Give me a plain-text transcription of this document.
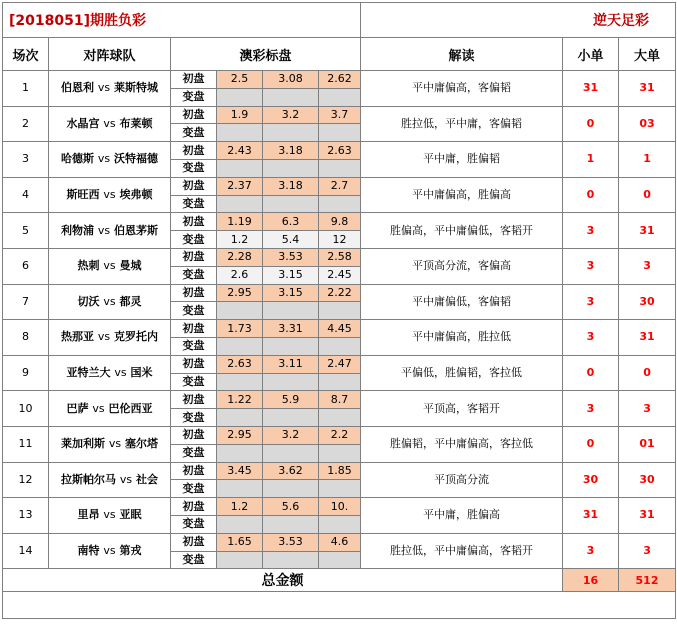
[2018051]期胜负彩						逆天足彩		
场次	对阵球队	澳彩标盘				解读	小单	大单
1	伯恩利 vs 莱斯特城	初盘	2.5	3.08	2.62	平中庸偏高，客偏韬	31	31
		变盘						
2	水晶宫 vs 布莱顿	初盘	1.9	3.2	3.7	胜拉低，平中庸，客偏韬	0	03
		变盘						
3	哈德斯 vs 沃特福德	初盘	2.43	3.18	2.63	平中庸，胜偏韬	1	1
		变盘						
4	斯旺西 vs 埃弗顿	初盘	2.37	3.18	2.7	平中庸偏高，胜偏高	0	0
		变盘						
5	利物浦 vs 伯恩茅斯	初盘	1.19	6.3	9.8	胜偏高，平中庸偏低，客韬开	3	31
		变盘	1.2	5.4	12			
6	热刺 vs 曼城	初盘	2.28	3.53	2.58	平顶高分流，客偏高	3	3
		变盘	2.6	3.15	2.45			
7	切沃 vs 都灵	初盘	2.95	3.15	2.22	平中庸偏低，客偏韬	3	30
		变盘						
8	热那亚 vs 克罗托内	初盘	1.73	3.31	4.45	平中庸偏高，胜拉低	3	31
		变盘						
9	亚特兰大 vs 国米	初盘	2.63	3.11	2.47	平偏低，胜偏韬，客拉低	0	0
		变盘						
10	巴萨 vs 巴伦西亚	初盘	1.22	5.9	8.7	平顶高，客韬开	3	3
		变盘						
11	莱加利斯 vs 塞尔塔	初盘	2.95	3.2	2.2	胜偏韬，平中庸偏高，客拉低	0	01
		变盘						
12	拉斯帕尔马 vs 社会	初盘	3.45	3.62	1.85	平顶高分流	30	30
		变盘						
13	里昂 vs 亚眠	初盘	1.2	5.6	10.	平中庸，胜偏高	31	31
		变盘						
14	南特 vs 第戎	初盘	1.65	3.53	4.6	胜拉低，平中庸偏高，客韬开	3	3
		变盘						
总金额							16	512
